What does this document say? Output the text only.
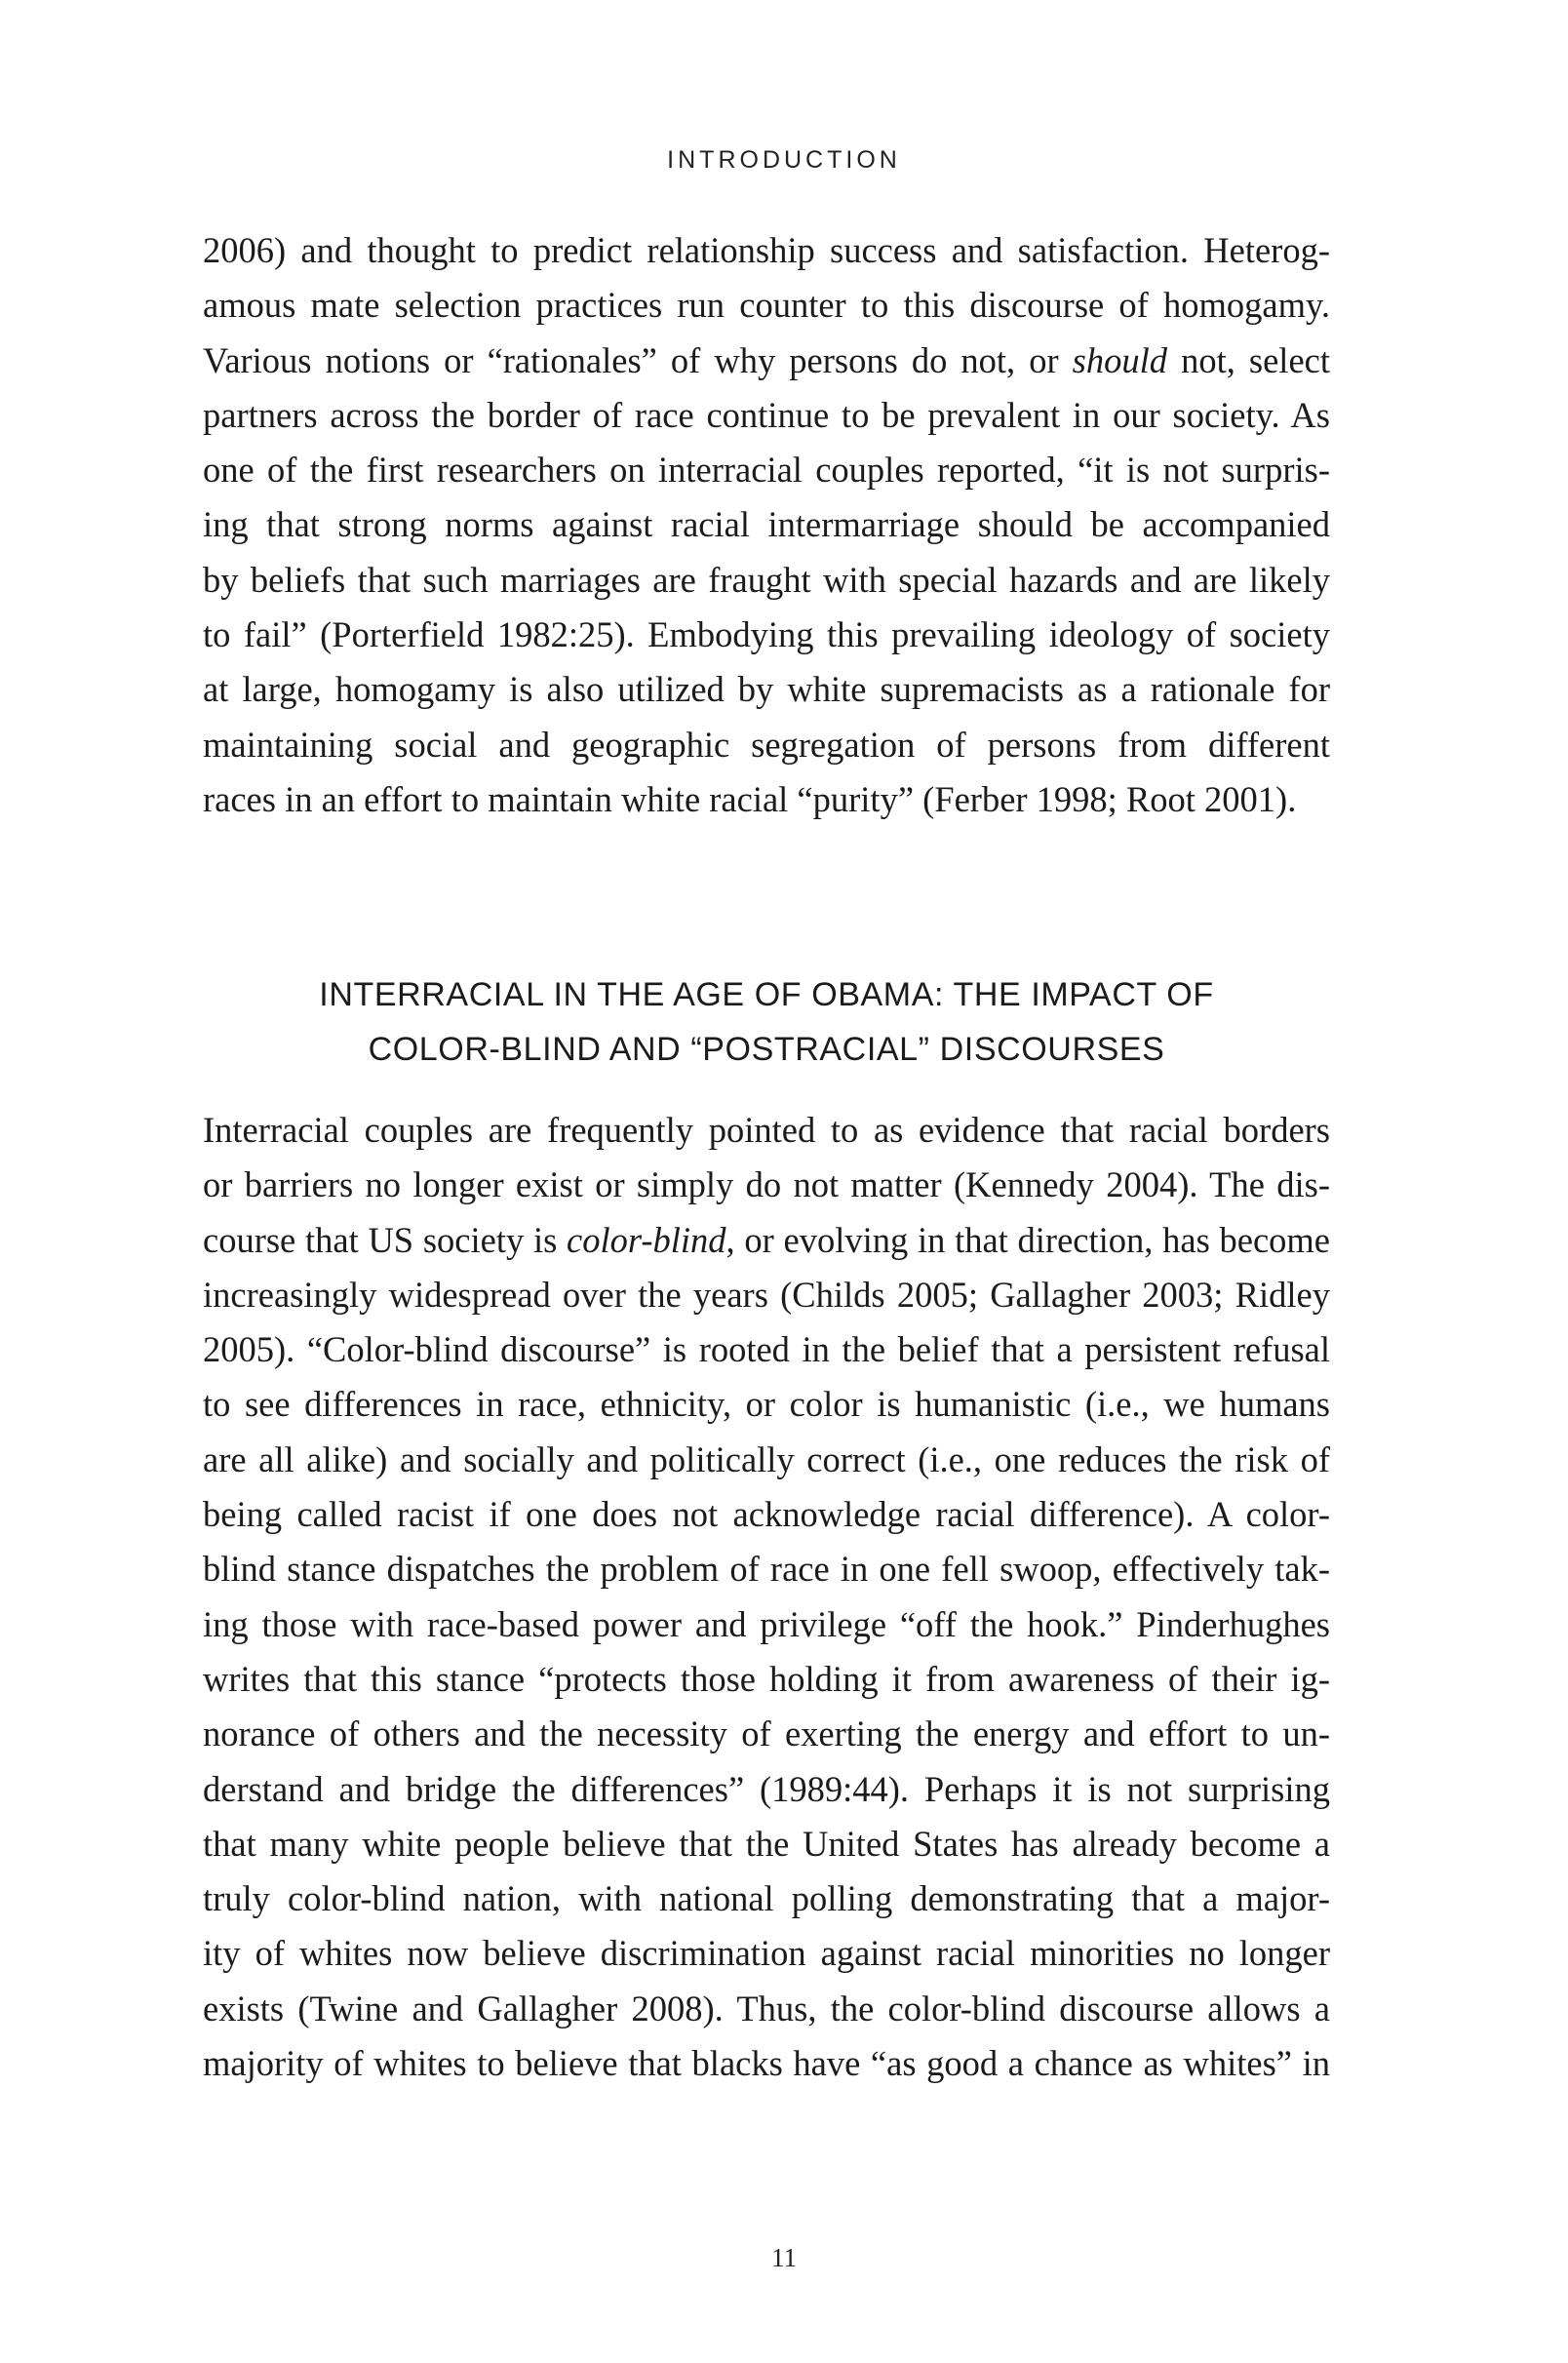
INTRODUCTION
2006) and thought to predict relationship success and satisfaction. Heterog-
amous mate selection practices run counter to this discourse of homogamy.
Various notions or “rationales” of why persons do not, or should not, select
partners across the border of race continue to be prevalent in our society. As
one of the first researchers on interracial couples reported, “it is not surpris-
ing that strong norms against racial intermarriage should be accompanied
by beliefs that such marriages are fraught with special hazards and are likely
to fail” (Porterfield 1982:25). Embodying this prevailing ideology of society
at large, homogamy is also utilized by white supremacists as a rationale for
maintaining social and geographic segregation of persons from different
races in an effort to maintain white racial “purity” (Ferber 1998; Root 2001).
INTERRACIAL IN THE AGE OF OBAMA: THE IMPACT OF
COLOR-BLIND AND “POSTRACIAL” DISCOURSES
Interracial couples are frequently pointed to as evidence that racial borders
or barriers no longer exist or simply do not matter (Kennedy 2004). The dis-
course that US society is color-blind, or evolving in that direction, has become
increasingly widespread over the years (Childs 2005; Gallagher 2003; Ridley
2005). “Color-blind discourse” is rooted in the belief that a persistent refusal
to see differences in race, ethnicity, or color is humanistic (i.e., we humans
are all alike) and socially and politically correct (i.e., one reduces the risk of
being called racist if one does not acknowledge racial difference). A color-
blind stance dispatches the problem of race in one fell swoop, effectively tak-
ing those with race-based power and privilege “off the hook.” Pinderhughes
writes that this stance “protects those holding it from awareness of their ig-
norance of others and the necessity of exerting the energy and effort to un-
derstand and bridge the differences” (1989:44). Perhaps it is not surprising
that many white people believe that the United States has already become a
truly color-blind nation, with national polling demonstrating that a major-
ity of whites now believe discrimination against racial minorities no longer
exists (Twine and Gallagher 2008). Thus, the color-blind discourse allows a
majority of whites to believe that blacks have “as good a chance as whites” in
11
